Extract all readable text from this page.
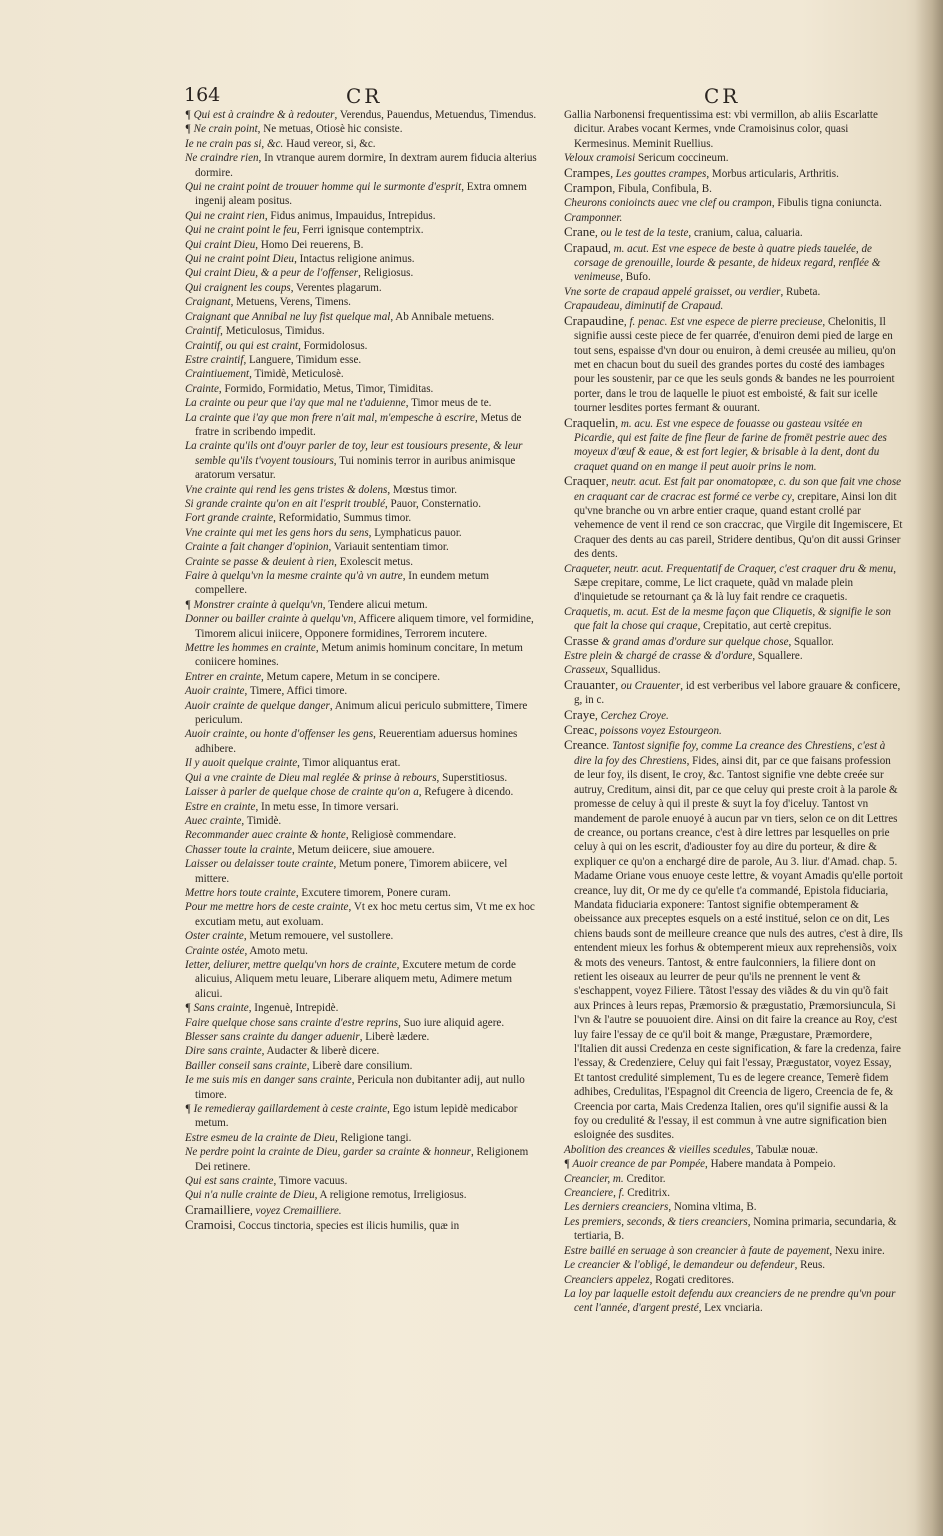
164	CR	CR

¶ Qui est à craindre & à redouter, Verendus, Pauendus, Metuendus, Timendus.

¶ Ne crain point, Ne metuas, Otiosè hic consiste.

Ie ne crain pas si, &c. Haud vereor, si, &c.

Ne craindre rien, In vtranque aurem dormire, In dextram aurem fiducia alterius dormire.

Qui ne craint point de trouuer homme qui le surmonte d'esprit, Extra omnem ingenij aleam positus.

Qui ne craint rien, Fidus animus, Impauidus, Intrepidus.

Qui ne craint point le feu, Ferri ignisque contemptrix.

Qui craint Dieu, Homo Dei reuerens, B.

Qui ne craint point Dieu, Intactus religione animus.

Qui craint Dieu, & a peur de l'offenser, Religiosus.

Qui craignent les coups, Verentes plagarum.

Craignant, Metuens, Verens, Timens.

Craignant que Annibal ne luy fist quelque mal, Ab Annibale metuens.

Craintif, Meticulosus, Timidus.

Craintif, ou qui est craint, Formidolosus.

Estre craintif, Languere, Timidum esse.

Craintiuement, Timidè, Meticulosè.

Crainte, Formido, Formidatio, Metus, Timor, Timiditas.

La crainte ou peur que i'ay que mal ne t'aduienne, Timor meus de te.

La crainte que i'ay que mon frere n'ait mal, m'empesche à escrire, Metus de fratre in scribendo impedit.

La crainte qu'ils ont d'ouyr parler de toy, leur est tousiours presente, & leur semble qu'ils t'voyent tousiours, Tui nominis terror in auribus animisque aratorum versatur.

Vne crainte qui rend les gens tristes & dolens, Mœstus timor.

Si grande crainte qu'on en ait l'esprit troublé, Pauor, Consternatio.

Fort grande crainte, Reformidatio, Summus timor.

Vne crainte qui met les gens hors du sens, Lymphaticus pauor.

Crainte a fait changer d'opinion, Variauit sententiam timor.

Crainte se passe & deuient à rien, Exolescit metus.

Faire à quelqu'vn la mesme crainte qu'à vn autre, In eundem metum compellere.

¶ Monstrer crainte à quelqu'vn, Tendere alicui metum.

Donner ou bailler crainte à quelqu'vn, Afficere aliquem timore, vel formidine, Timorem alicui iniicere, Opponere formidines, Terrorem incutere.

Mettre les hommes en crainte, Metum animis hominum concitare, In metum coniicere homines.

Entrer en crainte, Metum capere, Metum in se concipere.

Auoir crainte, Timere, Affici timore.

Auoir crainte de quelque danger, Animum alicui periculo submittere, Timere periculum.

Auoir crainte, ou honte d'offenser les gens, Reuerentiam aduersus homines adhibere.

Il y auoit quelque crainte, Timor aliquantus erat.

Qui a vne crainte de Dieu mal reglée & prinse à rebours, Superstitiosus.

Laisser à parler de quelque chose de crainte qu'on a, Refugere à dicendo.

Estre en crainte, In metu esse, In timore versari.

Auec crainte, Timidè.

Recommander auec crainte & honte, Religiosè commendare.

Chasser toute la crainte, Metum deiicere, siue amouere.

Laisser ou delaisser toute crainte, Metum ponere, Timorem abiicere, vel mittere.

Mettre hors toute crainte, Excutere timorem, Ponere curam.

Pour me mettre hors de ceste crainte, Vt ex hoc metu certus sim, Vt me ex hoc excutiam metu, aut exoluam.

Oster crainte, Metum remouere, vel sustollere.

Crainte ostée, Amoto metu.

Ietter, deliurer, mettre quelqu'vn hors de crainte, Excutere metum de corde alicuius, Aliquem metu leuare, Liberare aliquem metu, Adimere metum alicui.

¶ Sans crainte, Ingenuè, Intrepidè.

Faire quelque chose sans crainte d'estre reprins, Suo iure aliquid agere.

Blesser sans crainte du danger aduenir, Liberè lædere.

Dire sans crainte, Audacter & liberè dicere.

Bailler conseil sans crainte, Liberè dare consilium.

Ie me suis mis en danger sans crainte, Pericula non dubitanter adij, aut nullo timore.

¶ Ie remedieray gaillardement à ceste crainte, Ego istum lepidè medicabor metum.

Estre esmeu de la crainte de Dieu, Religione tangi.

Ne perdre point la crainte de Dieu, garder sa crainte & honneur, Religionem Dei retinere.

Qui est sans crainte, Timore vacuus.

Qui n'a nulle crainte de Dieu, A religione remotus, Irreligiosus.

Cramailliere, voyez Cremailliere.

Cramoisi, Coccus tinctoria, species est ilicis humilis, quæ in

Gallia Narbonensi frequentissima est: vbi vermillon, ab aliis Escarlatte dicitur. Arabes vocant Kermes, vnde Cramoisinus color, quasi Kermesinus. Meminit Ruellius.

Veloux cramoisi Sericum coccineum.

Crampes, Les gouttes crampes, Morbus articularis, Arthritis.

Crampon, Fibula, Confibula, B.

Cheurons conioincts auec vne clef ou crampon, Fibulis tigna coniuncta.

Cramponner.

Crane, ou le test de la teste, cranium, calua, caluaria.

Crapaud, m. acut. Est vne espece de beste à quatre pieds tauelée, de corsage de grenouille, lourde & pesante, de hideux regard, renflée & venimeuse, Bufo.

Vne sorte de crapaud appelé graisset, ou verdier, Rubeta.

Crapaudeau, diminutif de Crapaud.

Crapaudine, f. penac. Est vne espece de pierre precieuse, Chelonitis, Il signifie aussi ceste piece de fer quarrée, d'enuiron demi pied de large en tout sens, espaisse d'vn dour ou enuiron, à demi creusée au milieu, qu'on met en chacun bout du sueil des grandes portes du costé des iambages pour les soustenir, par ce que les seuls gonds & bandes ne les pourroient porter, dans le trou de laquelle le piuot est emboisté, & fait sur icelle tourner lesdites portes fermant & ouurant.

Craquelin, m. acu. Est vne espece de fouasse ou gasteau vsitée en Picardie, qui est faite de fine fleur de farine de fromët pestrie auec des moyeux d'œuf & eaue, & est fort legier, & brisable à la dent, dont du craquet quand on en mange il peut auoir prins le nom.

Craquer, neutr. acut. Est fait par onomatopœe, c. du son que fait vne chose en craquant car de cracrac est formé ce verbe cy, crepitare, Ainsi lon dit qu'vne branche ou vn arbre entier craque, quand estant crollé par vehemence de vent il rend ce son craccrac, que Virgile dit Ingemiscere, Et Craquer des dents au cas pareil, Stridere dentibus, Qu'on dit aussi Grinser des dents.

Craqueter, neutr. acut. Frequentatif de Craquer, c'est craquer dru & menu, Sæpe crepitare, comme, Le lict craquete, quãd vn malade plein d'inquietude se retournant ça & là luy fait rendre ce craquetis.

Craquetis, m. acut. Est de la mesme façon que Cliquetis, & signifie le son que fait la chose qui craque, Crepitatio, aut certè crepitus.

Crasse & grand amas d'ordure sur quelque chose, Squallor.

Estre plein & chargé de crasse & d'ordure, Squallere.

Crasseux, Squallidus.

Crauanter, ou Crauenter, id est verberibus vel labore grauare & conficere, g, in c.

Craye, Cerchez Croye.

Creac, poissons voyez Estourgeon.

Creance. Tantost signifie foy, comme La creance des Chrestiens, c'est à dire la foy des Chrestiens, Fides, ainsi dit, par ce que faisans profession de leur foy, ils disent, Ie croy, &c. Tantost signifie vne debte creée sur autruy, Creditum, ainsi dit, par ce que celuy qui preste croit à la parole & promesse de celuy à qui il preste & suyt la foy d'iceluy. Tantost vn mandement de parole enuoyé à aucun par vn tiers, selon ce on dit Lettres de creance, ou portans creance, c'est à dire lettres par lesquelles on prie celuy à qui on les escrit, d'adiouster foy au dire du porteur, & dire & expliquer ce qu'on a enchargé dire de parole, Au 3. liur. d'Amad. chap. 5. Madame Oriane vous enuoye ceste lettre, & voyant Amadis qu'elle portoit creance, luy dit, Or me dy ce qu'elle t'a commandé, Epistola fiduciaria, Mandata fiduciaria exponere: Tantost signifie obtemperament & obeissance aux preceptes esquels on a esté institué, selon ce on dit, Les chiens bauds sont de meilleure creance que nuls des autres, c'est à dire, Ils entendent mieux les forhus & obtemperent mieux aux reprehensiõs, voix & mots des veneurs. Tantost, & entre faulconniers, la filiere dont on retient les oiseaux au leurrer de peur qu'ils ne prennent le vent & s'eschappent, voyez Filiere. Tãtost l'essay des viãdes & du vin qu'õ fait aux Princes à leurs repas, Præmorsio & prægustatio, Præmorsiuncula, Si l'vn & l'autre se pouuoient dire. Ainsi on dit faire la creance au Roy, c'est luy faire l'essay de ce qu'il boit & mange, Prægustare, Præmordere, l'Italien dit aussi Credenza en ceste signification, & fare la credenza, faire l'essay, & Credenziere, Celuy qui fait l'essay, Prægustator, voyez Essay, Et tantost credulité simplement, Tu es de legere creance, Temerè fidem adhibes, Credulitas, l'Espagnol dit Creencia de ligero, Creencia de fe, & Creencia por carta, Mais Credenza Italien, ores qu'il signifie aussi & la foy ou credulité & l'essay, il est commun à vne autre signification bien esloignée des susdites.

Abolition des creances & vieilles scedules, Tabulæ nouæ.

¶ Auoir creance de par Pompée, Habere mandata à Pompeio.

Creancier, m. Creditor.

Creanciere, f. Creditrix.

Les derniers creanciers, Nomina vltima, B.

Les premiers, seconds, & tiers creanciers, Nomina primaria, secundaria, & tertiaria, B.

Estre baillé en seruage à son creancier à faute de payement, Nexu inire.

Le creancier & l'obligé, le demandeur ou defendeur, Reus.

Creanciers appelez, Rogati creditores.

La loy par laquelle estoit defendu aux creanciers de ne prendre qu'vn pour cent l'année, d'argent presté, Lex vnciaria.
